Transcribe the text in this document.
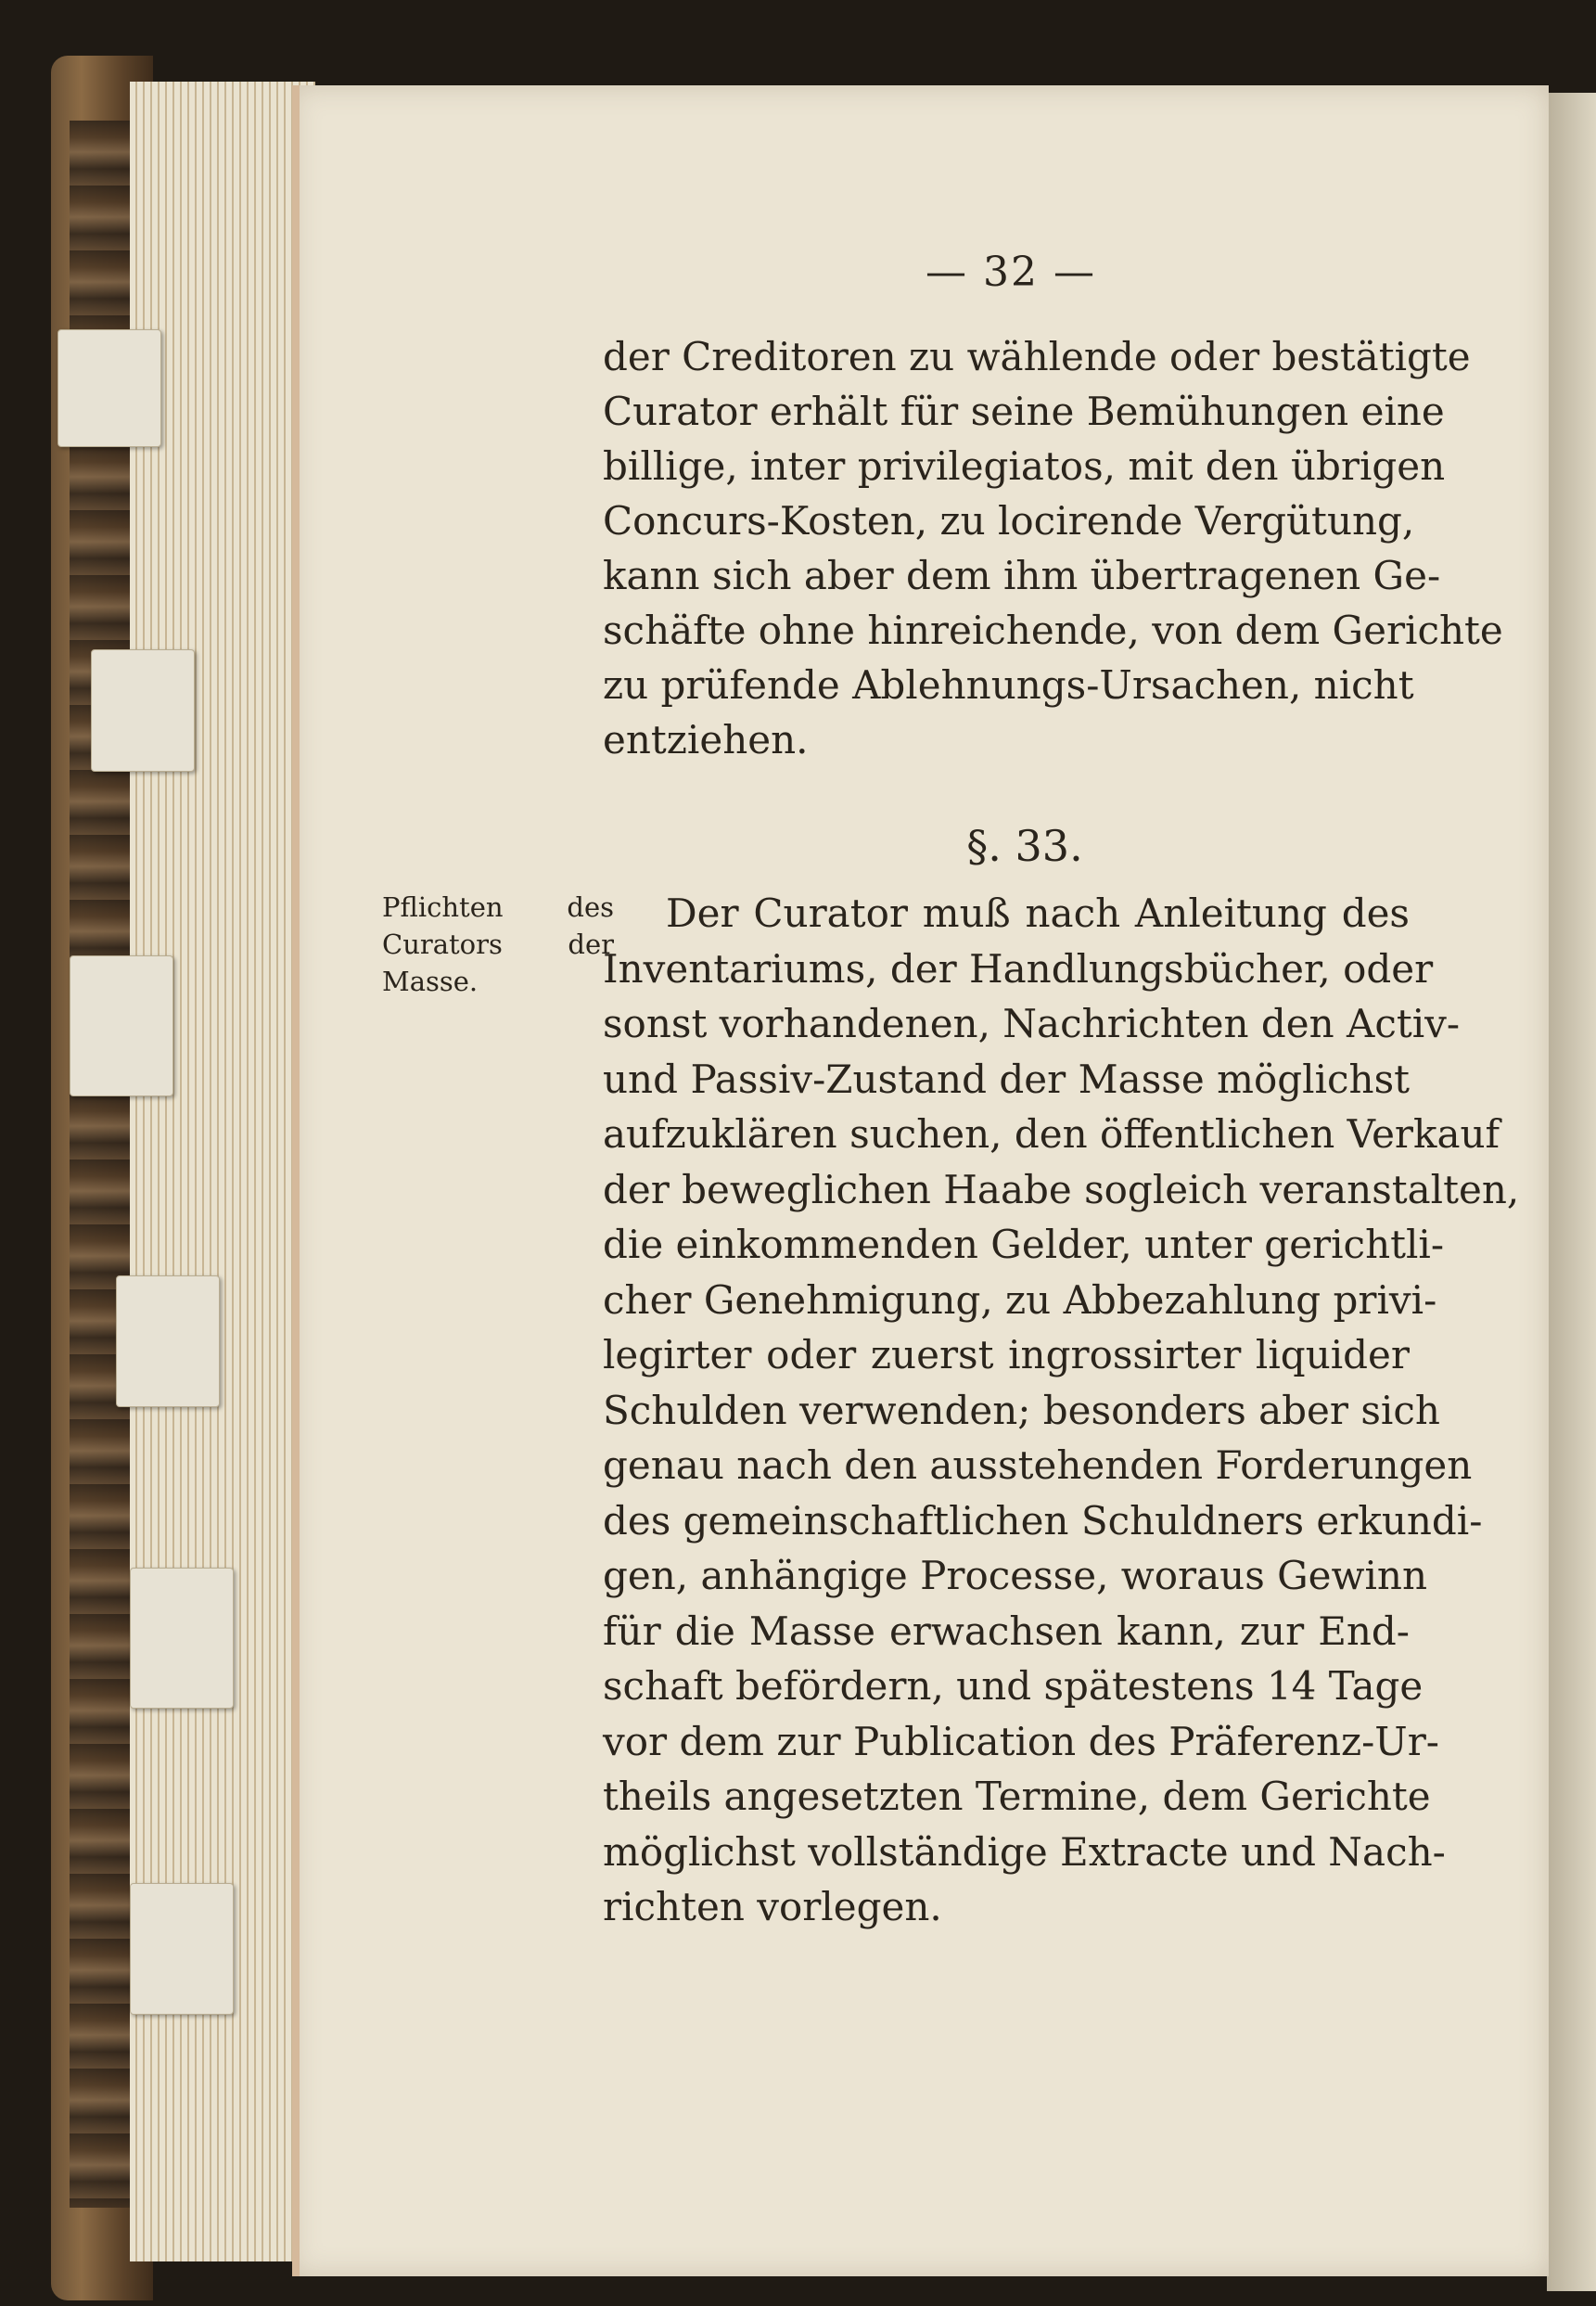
— 32 —
der Creditoren zu wählende oder bestätigte
Curator erhält für seine Bemühungen eine
billige, inter privilegiatos, mit den übrigen
Concurs-Kosten, zu locirende Vergütung,
kann sich aber dem ihm übertragenen Ge-
schäfte ohne hinreichende, von dem Gerichte
zu prüfende Ablehnungs-Ursachen, nicht
entziehen.
§. 33.
Pflichten des
Curators der
Masse.
Der Curator muß nach Anleitung des
Inventariums, der Handlungsbücher, oder
sonst vorhandenen, Nachrichten den Activ-
und Passiv-Zustand der Masse möglichst
aufzuklären suchen, den öffentlichen Verkauf
der beweglichen Haabe sogleich veranstalten,
die einkommenden Gelder, unter gerichtli-
cher Genehmigung, zu Abbezahlung privi-
legirter oder zuerst ingrossirter liquider
Schulden verwenden; besonders aber sich
genau nach den ausstehenden Forderungen
des gemeinschaftlichen Schuldners erkundi-
gen, anhängige Processe, woraus Gewinn
für die Masse erwachsen kann, zur End-
schaft befördern, und spätestens 14 Tage
vor dem zur Publication des Präferenz-Ur-
theils angesetzten Termine, dem Gerichte
möglichst vollständige Extracte und Nach-
richten vorlegen.
